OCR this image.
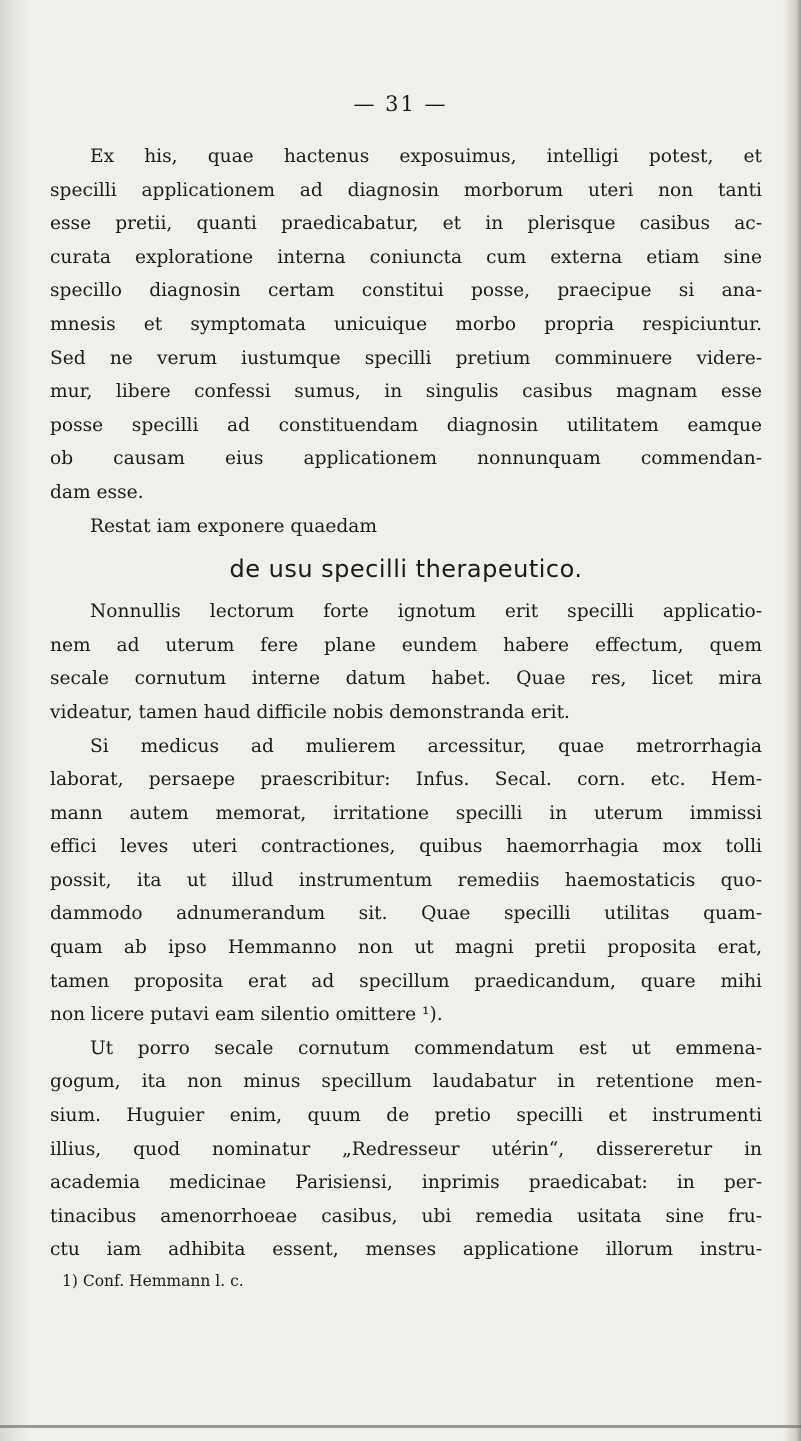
— 31 —
Ex his, quae hactenus exposuimus, intelligi potest, et
specilli applicationem ad diagnosin morborum uteri non tanti
esse pretii, quanti praedicabatur, et in plerisque casibus ac-
curata exploratione interna coniuncta cum externa etiam sine
specillo diagnosin certam constitui posse, praecipue si ana-
mnesis et symptomata unicuique morbo propria respiciuntur.
Sed ne verum iustumque specilli pretium comminuere videre-
mur, libere confessi sumus, in singulis casibus magnam esse
posse specilli ad constituendam diagnosin utilitatem eamque
ob causam eius applicationem nonnunquam commendan-
dam esse.
Restat iam exponere quaedam
de usu specilli therapeutico.
Nonnullis lectorum forte ignotum erit specilli applicatio-
nem ad uterum fere plane eundem habere effectum, quem
secale cornutum interne datum habet. Quae res, licet mira
videatur, tamen haud difficile nobis demonstranda erit.
Si medicus ad mulierem arcessitur, quae metrorrhagia
laborat, persaepe praescribitur: Infus. Secal. corn. etc. Hem-
mann autem memorat, irritatione specilli in uterum immissi
effici leves uteri contractiones, quibus haemorrhagia mox tolli
possit, ita ut illud instrumentum remediis haemostaticis quo-
dammodo adnumerandum sit. Quae specilli utilitas quam-
quam ab ipso Hemmanno non ut magni pretii proposita erat,
tamen proposita erat ad specillum praedicandum, quare mihi
non licere putavi eam silentio omittere ¹).
Ut porro secale cornutum commendatum est ut emmena-
gogum, ita non minus specillum laudabatur in retentione men-
sium. Huguier enim, quum de pretio specilli et instrumenti
illius, quod nominatur „Redresseur utérin“, dissereretur in
academia medicinae Parisiensi, inprimis praedicabat: in per-
tinacibus amenorrhoeae casibus, ubi remedia usitata sine fru-
ctu iam adhibita essent, menses applicatione illorum instru-
1) Conf. Hemmann l. c.
